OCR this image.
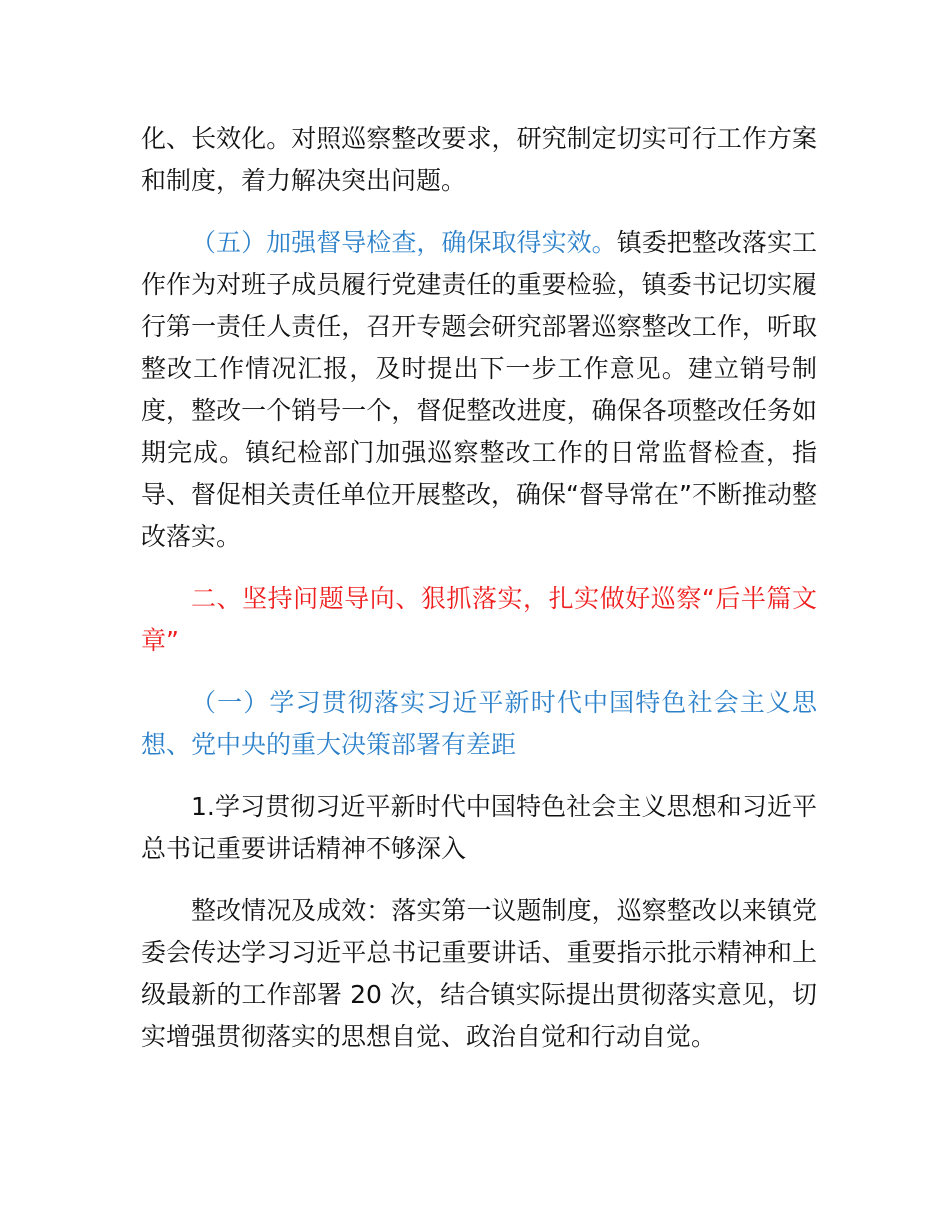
化、长效化。对照巡察整改要求，研究制定切实可行工作方案和制度，着力解决突出问题。

（五）加强督导检查，确保取得实效。镇委把整改落实工作作为对班子成员履行党建责任的重要检验，镇委书记切实履行第一责任人责任，召开专题会研究部署巡察整改工作，听取整改工作情况汇报，及时提出下一步工作意见。建立销号制度，整改一个销号一个，督促整改进度，确保各项整改任务如期完成。镇纪检部门加强巡察整改工作的日常监督检查，指导、督促相关责任单位开展整改，确保“督导常在”不断推动整改落实。

二、坚持问题导向、狠抓落实，扎实做好巡察“后半篇文章”

（一）学习贯彻落实习近平新时代中国特色社会主义思想、党中央的重大决策部署有差距

1.学习贯彻习近平新时代中国特色社会主义思想和习近平总书记重要讲话精神不够深入

整改情况及成效：落实第一议题制度，巡察整改以来镇党委会传达学习习近平总书记重要讲话、重要指示批示精神和上级最新的工作部署 20 次，结合镇实际提出贯彻落实意见，切实增强贯彻落实的思想自觉、政治自觉和行动自觉。
